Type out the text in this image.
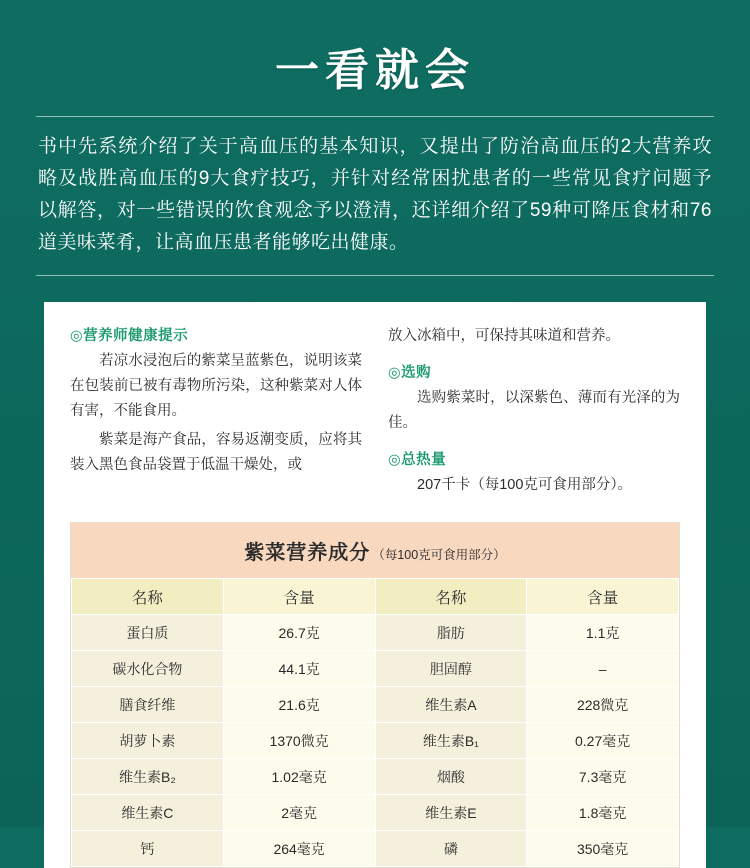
一看就会
书中先系统介绍了关于高血压的基本知识，又提出了防治高血压的2大营养攻略及战胜高血压的9大食疗技巧，并针对经常困扰患者的一些常见食疗问题予以解答，对一些错误的饮食观念予以澄清，还详细介绍了59种可降压食材和76道美味菜肴，让高血压患者能够吃出健康。
◎营养师健康提示

若凉水浸泡后的紫菜呈蓝紫色，说明该菜在包装前已被有毒物所污染，这种紫菜对人体有害，不能食用。

紫菜是海产食品，容易返潮变质，应将其装入黑色食品袋置于低温干燥处，或

放入冰箱中，可保持其味道和营养。

◎选购

选购紫菜时，以深紫色、薄而有光泽的为佳。

◎总热量

207千卡（每100克可食用部分）。

紫菜营养成分 （每100克可食用部分）
名称	含量	名称	含量
蛋白质	26.7克	脂肪	1.1克
碳水化合物	44.1克	胆固醇	–
膳食纤维	21.6克	维生素A	228微克
胡萝卜素	1370微克	维生素B₁	0.27毫克
维生素B₂	1.02毫克	烟酸	7.3毫克
维生素C	2毫克	维生素E	1.8毫克
钙	264毫克	磷	350毫克
